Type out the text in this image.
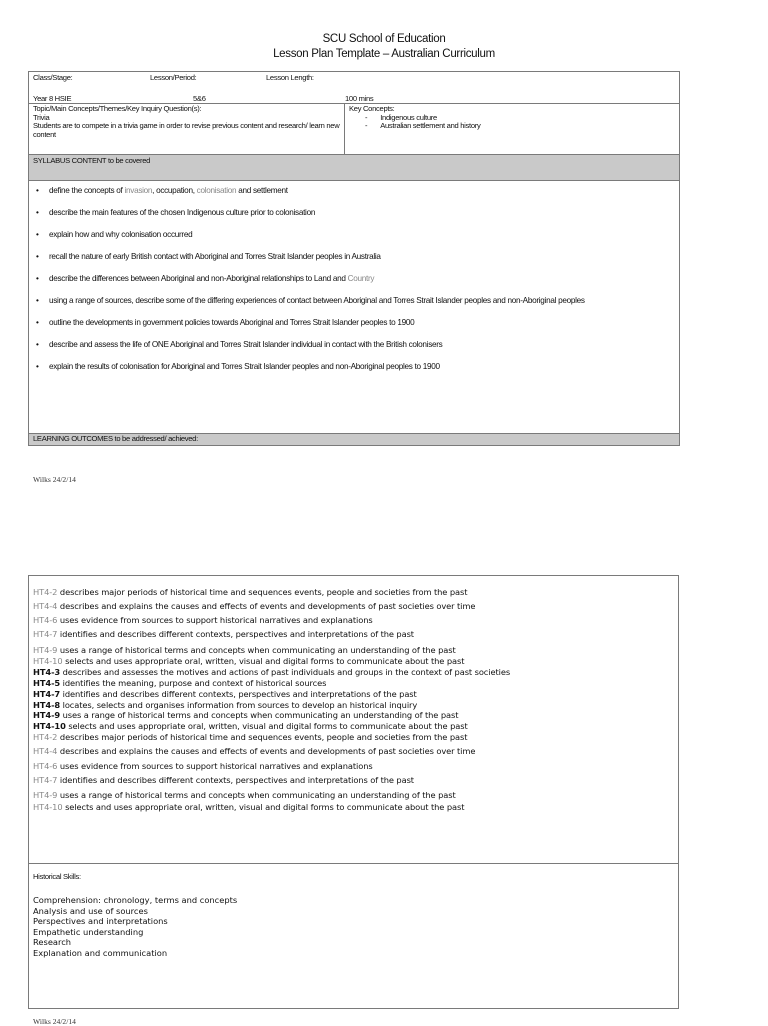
SCU School of Education
Lesson Plan Template – Australian Curriculum
Class/Stage:	Lesson/Period:	Lesson Length:
Year 8 HSIE	5&6	100 mins

Topic/Main Concepts/Themes/Key Inquiry Question(s):
Trivia
Students are to compete in a trivia game in order to revise previous content and research/ learn new content

Key Concepts:
- Indigenous culture
- Australian settlement and history

SYLLABUS CONTENT to be covered

• define the concepts of invasion, occupation, colonisation and settlement
• describe the main features of the chosen Indigenous culture prior to colonisation
• explain how and why colonisation occurred
• recall the nature of early British contact with Aboriginal and Torres Strait Islander peoples in Australia
• describe the differences between Aboriginal and non-Aboriginal relationships to Land and Country
• using a range of sources, describe some of the differing experiences of contact between Aboriginal and Torres Strait Islander peoples and non-Aboriginal peoples
• outline the developments in government policies towards Aboriginal and Torres Strait Islander peoples to 1900
• describe and assess the life of ONE Aboriginal and Torres Strait Islander individual in contact with the British colonisers
• explain the results of colonisation for Aboriginal and Torres Strait Islander peoples and non-Aboriginal peoples to 1900

LEARNING OUTCOMES to be addressed/ achieved:
Wilks 24/2/14
HT4-2 describes major periods of historical time and sequences events, people and societies from the past
HT4-4 describes and explains the causes and effects of events and developments of past societies over time
HT4-6 uses evidence from sources to support historical narratives and explanations
HT4-7 identifies and describes different contexts, perspectives and interpretations of the past
HT4-9 uses a range of historical terms and concepts when communicating an understanding of the past
HT4-10 selects and uses appropriate oral, written, visual and digital forms to communicate about the past
HT4-3 describes and assesses the motives and actions of past individuals and groups in the context of past societies
HT4-5 identifies the meaning, purpose and context of historical sources
HT4-7 identifies and describes different contexts, perspectives and interpretations of the past
HT4-8 locates, selects and organises information from sources to develop an historical inquiry
HT4-9 uses a range of historical terms and concepts when communicating an understanding of the past
HT4-10 selects and uses appropriate oral, written, visual and digital forms to communicate about the past
HT4-2 describes major periods of historical time and sequences events, people and societies from the past
HT4-4 describes and explains the causes and effects of events and developments of past societies over time
HT4-6 uses evidence from sources to support historical narratives and explanations
HT4-7 identifies and describes different contexts, perspectives and interpretations of the past
HT4-9 uses a range of historical terms and concepts when communicating an understanding of the past
HT4-10 selects and uses appropriate oral, written, visual and digital forms to communicate about the past
Historical Skills:
Comprehension: chronology, terms and concepts
Analysis and use of sources
Perspectives and interpretations
Empathetic understanding
Research
Explanation and communication
Wilks 24/2/14
